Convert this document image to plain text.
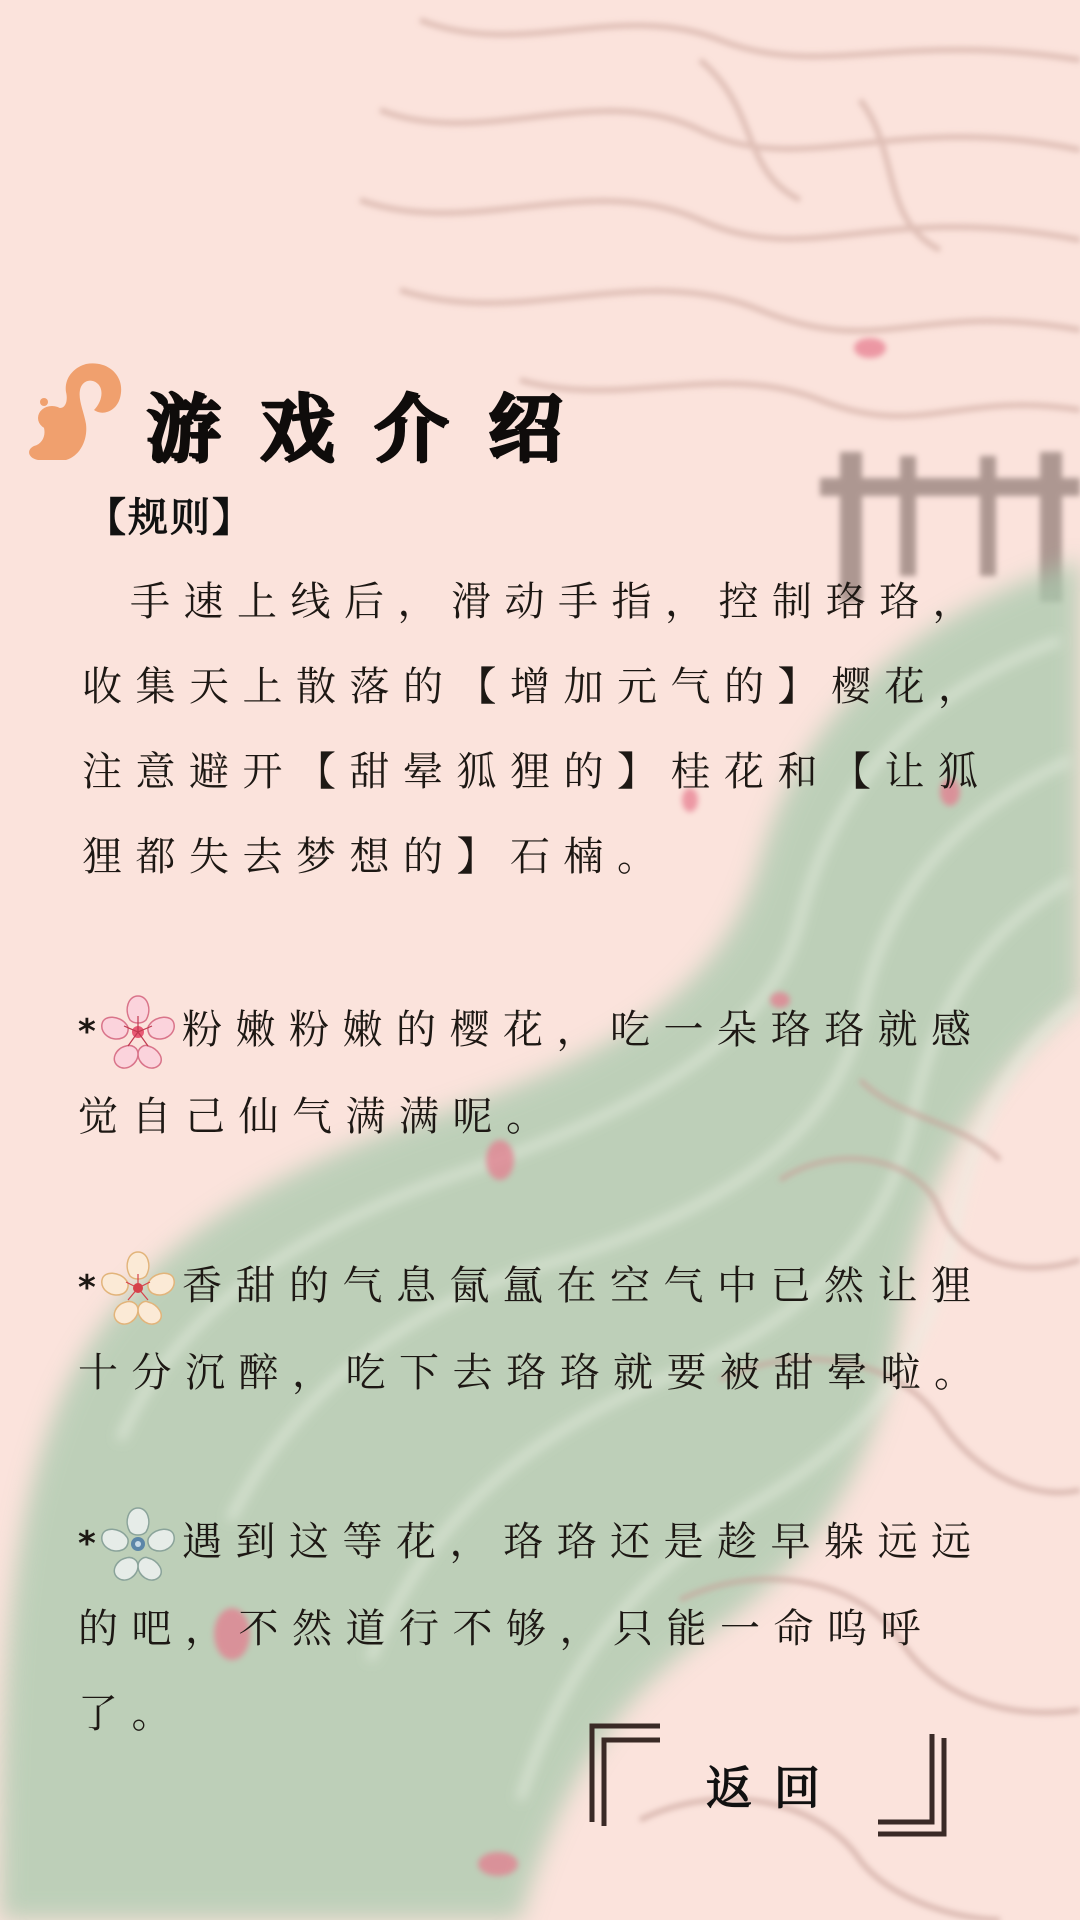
游戏介绍
【规则】
手速上线后，滑动手指，控制珞珞，收集天上散落的【增加元气的】樱花，注意避开【甜晕狐狸的】桂花和【让狐狸都失去梦想的】石楠。
* 粉嫩粉嫩的樱花，吃一朵珞珞就感觉自己仙气满满呢。
* 香甜的气息氤氲在空气中已然让狸十分沉醉，吃下去珞珞就要被甜晕啦。
* 遇到这等花，珞珞还是趁早躲远远的吧，不然道行不够，只能一命呜呼了。
返回
